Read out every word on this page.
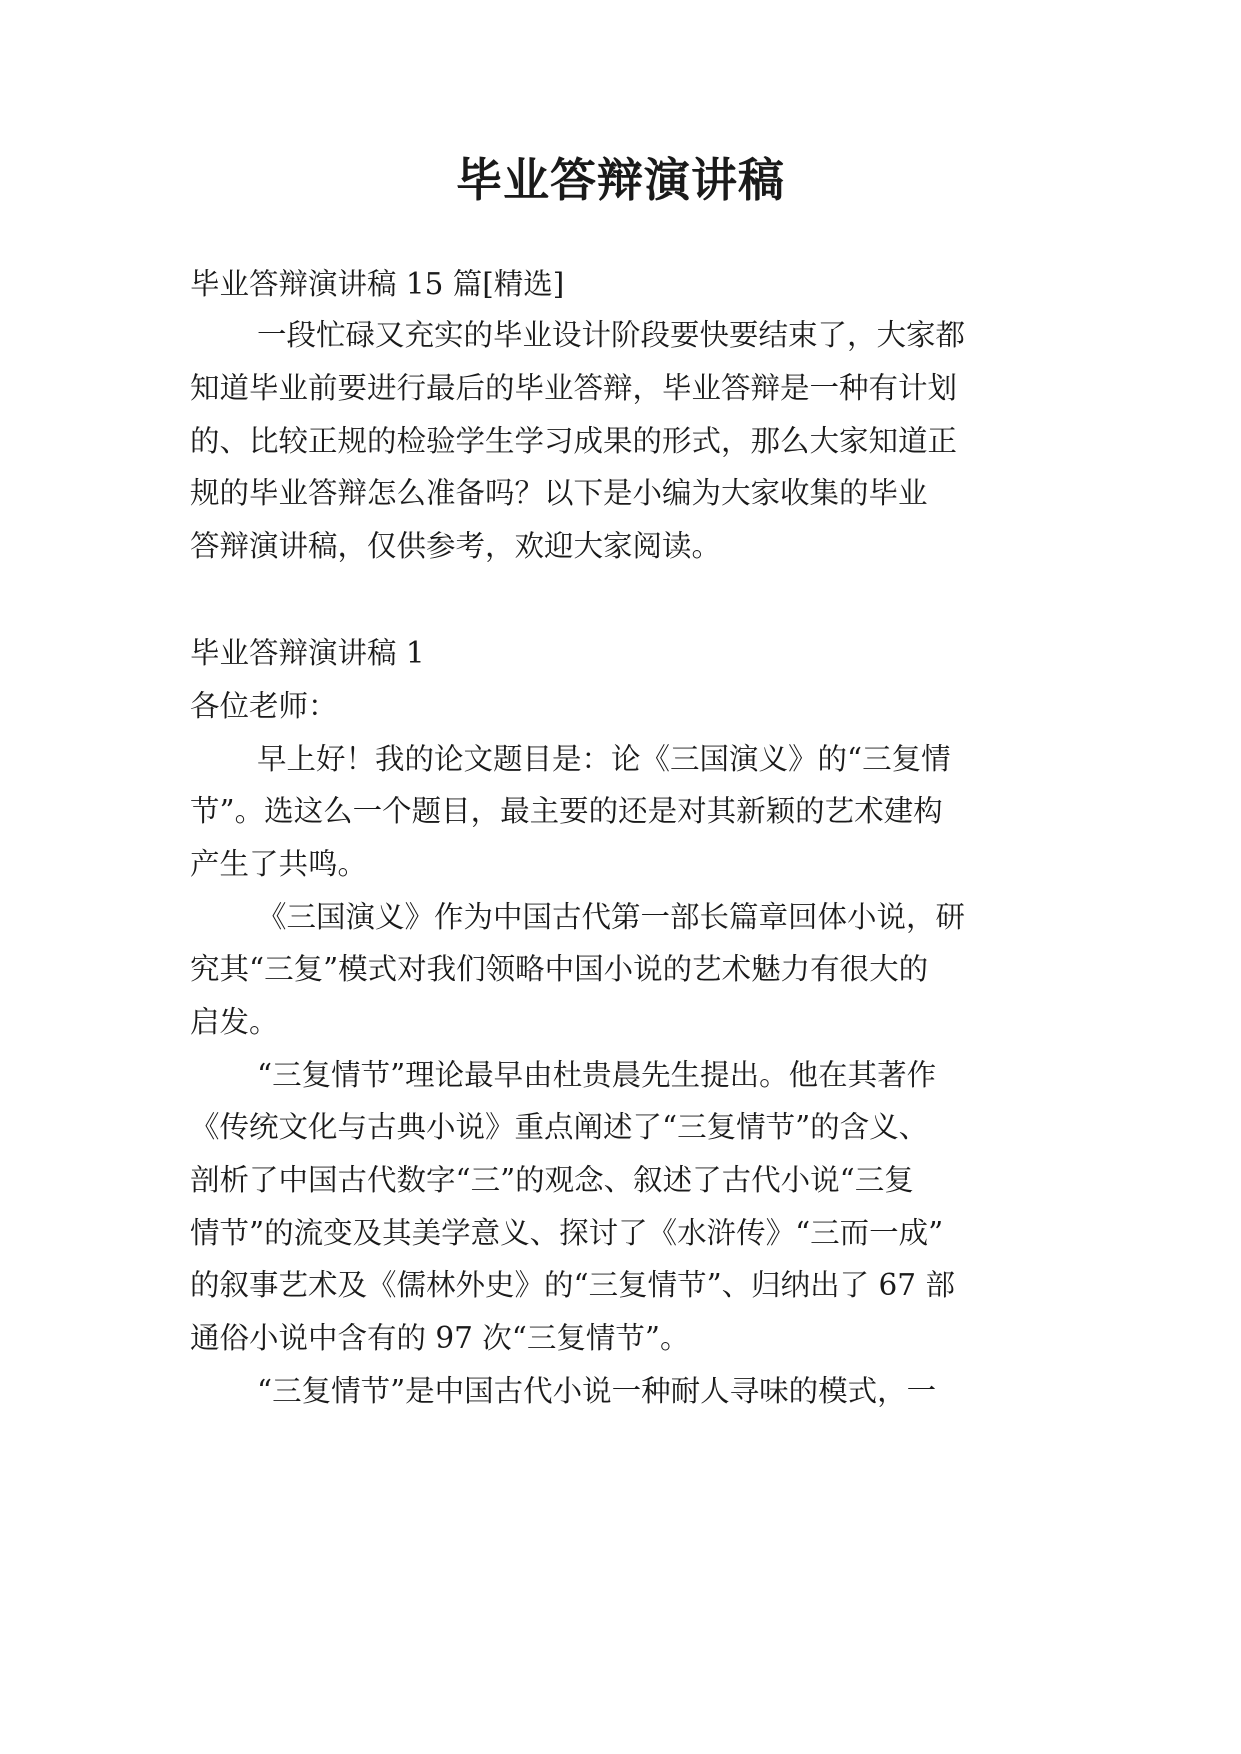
毕业答辩演讲稿

毕业答辩演讲稿 15 篇[精选]

一段忙碌又充实的毕业设计阶段要快要结束了，大家都

知道毕业前要进行最后的毕业答辩，毕业答辩是一种有计划

的、比较正规的检验学生学习成果的形式，那么大家知道正

规的毕业答辩怎么准备吗？以下是小编为大家收集的毕业

答辩演讲稿，仅供参考，欢迎大家阅读。

毕业答辩演讲稿 1

各位老师：

早上好！我的论文题目是：论《三国演义》的“三复情

节”。选这么一个题目，最主要的还是对其新颖的艺术建构

产生了共鸣。

《三国演义》作为中国古代第一部长篇章回体小说，研

究其“三复”模式对我们领略中国小说的艺术魅力有很大的

启发。

“三复情节”理论最早由杜贵晨先生提出。他在其著作

《传统文化与古典小说》重点阐述了“三复情节”的含义、

剖析了中国古代数字“三”的观念、叙述了古代小说“三复

情节”的流变及其美学意义、探讨了《水浒传》“三而一成”

的叙事艺术及《儒林外史》的“三复情节”、归纳出了 67 部

通俗小说中含有的 97 次“三复情节”。

“三复情节”是中国古代小说一种耐人寻味的模式，一
